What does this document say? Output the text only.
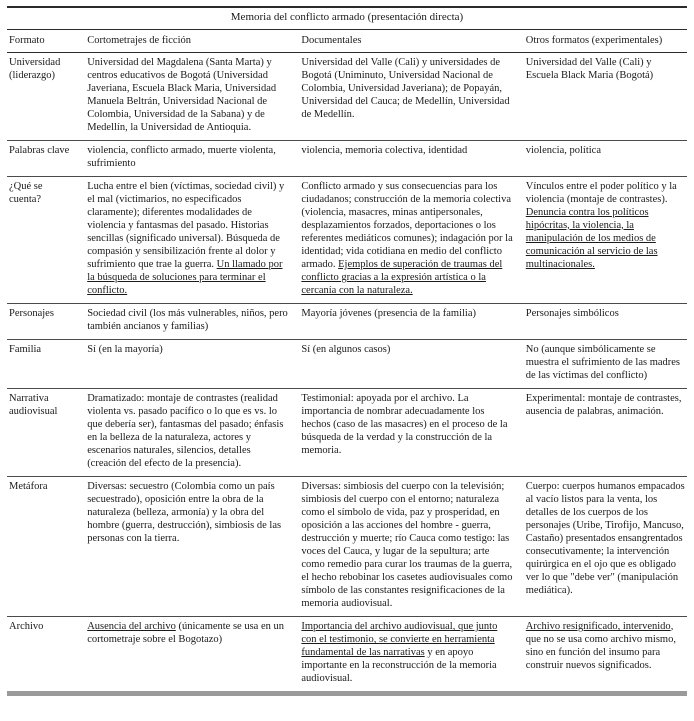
Memoria del conflicto armado (presentación directa)			
Formato	Cortometrajes de ficción	Documentales	Otros formatos (experimentales)
Universidad (liderazgo)	Universidad del Magdalena (Santa Marta) y centros educativos de Bogotá (Universidad Javeriana, Escuela Black Maria, Universidad Manuela Beltrán, Universidad Nacional de Colombia, Universidad de la Sabana) y de Medellín, la Universidad de Antioquia.	Universidad del Valle (Cali) y universidades de Bogotá (Uniminuto, Universidad Nacional de Colombia, Universidad Javeriana); de Popayán, Universidad del Cauca; de Medellín, Universidad de Medellín.	Universidad del Valle (Cali) y Escuela Black Maria (Bogotá)
Palabras clave	violencia, conflicto armado, muerte violenta, sufrimiento	violencia, memoria colectiva, identidad	violencia, política
¿Qué se cuenta?	Lucha entre el bien (víctimas, sociedad civil) y el mal (victimarios, no especificados claramente); diferentes modalidades de violencia y fantasmas del pasado. Historias sencillas (significado universal). Búsqueda de compasión y sensibilización frente al dolor y sufrimiento que trae la guerra. Un llamado por la búsqueda de soluciones para terminar el conflicto.	Conflicto armado y sus consecuencias para los ciudadanos; construcción de la memoria colectiva (violencia, masacres, minas antipersonales, desplazamientos forzados, deportaciones o los referentes mediáticos comunes); indagación por la identidad; vida cotidiana en medio del conflicto armado. Ejemplos de superación de traumas del conflicto gracias a la expresión artística o la cercanía con la naturaleza.	Vínculos entre el poder político y la violencia (montaje de contrastes). Denuncia contra los políticos hipócritas, la violencia, la manipulación de los medios de comunicación al servicio de las multinacionales.
Personajes	Sociedad civil (los más vulnerables, niños, pero también ancianos y familias)	Mayoría jóvenes (presencia de la familia)	Personajes simbólicos
Familia	Sí (en la mayoría)	Sí (en algunos casos)	No (aunque simbólicamente se muestra el sufrimiento de las madres de las víctimas del conflicto)
Narrativa audiovisual	Dramatizado: montaje de contrastes (realidad violenta vs. pasado pacífico o lo que es vs. lo que debería ser), fantasmas del pasado; énfasis en la belleza de la naturaleza, actores y escenarios naturales, silencios, detalles (creación del efecto de la presencia).	Testimonial: apoyada por el archivo. La importancia de nombrar adecuadamente los hechos (caso de las masacres) en el proceso de la búsqueda de la verdad y la construcción de la memoria.	Experimental: montaje de contrastes, ausencia de palabras, animación.
Metáfora	Diversas: secuestro (Colombia como un país secuestrado), oposición entre la obra de la naturaleza (belleza, armonía) y la obra del hombre (guerra, destrucción), simbiosis de las personas con la tierra.	Diversas: simbiosis del cuerpo con la televisión; simbiosis del cuerpo con el entorno; naturaleza como el símbolo de vida, paz y prosperidad, en oposición a las acciones del hombre - guerra, destrucción y muerte; río Cauca como testigo: las voces del Cauca, y lugar de la sepultura; arte como remedio para curar los traumas de la guerra, el hecho rebobinar los casetes audiovisuales como símbolo de las constantes resignificaciones de la memoria audiovisual.	Cuerpo: cuerpos humanos empacados al vacío listos para la venta, los detalles de los cuerpos de los personajes (Uribe, Tirofijo, Mancuso, Castaño) presentados ensangrentados consecutivamente; la intervención quirúrgica en el ojo que es obligado ver lo que "debe ver" (manipulación mediática).
Archivo	Ausencia del archivo (únicamente se usa en un cortometraje sobre el Bogotazo)	Importancia del archivo audiovisual, que junto con el testimonio, se convierte en herramienta fundamental de las narrativas y en apoyo importante en la reconstrucción de la memoria audiovisual.	Archivo resignificado, intervenido, que no se usa como archivo mismo, sino en función del insumo para construir nuevos significados.
